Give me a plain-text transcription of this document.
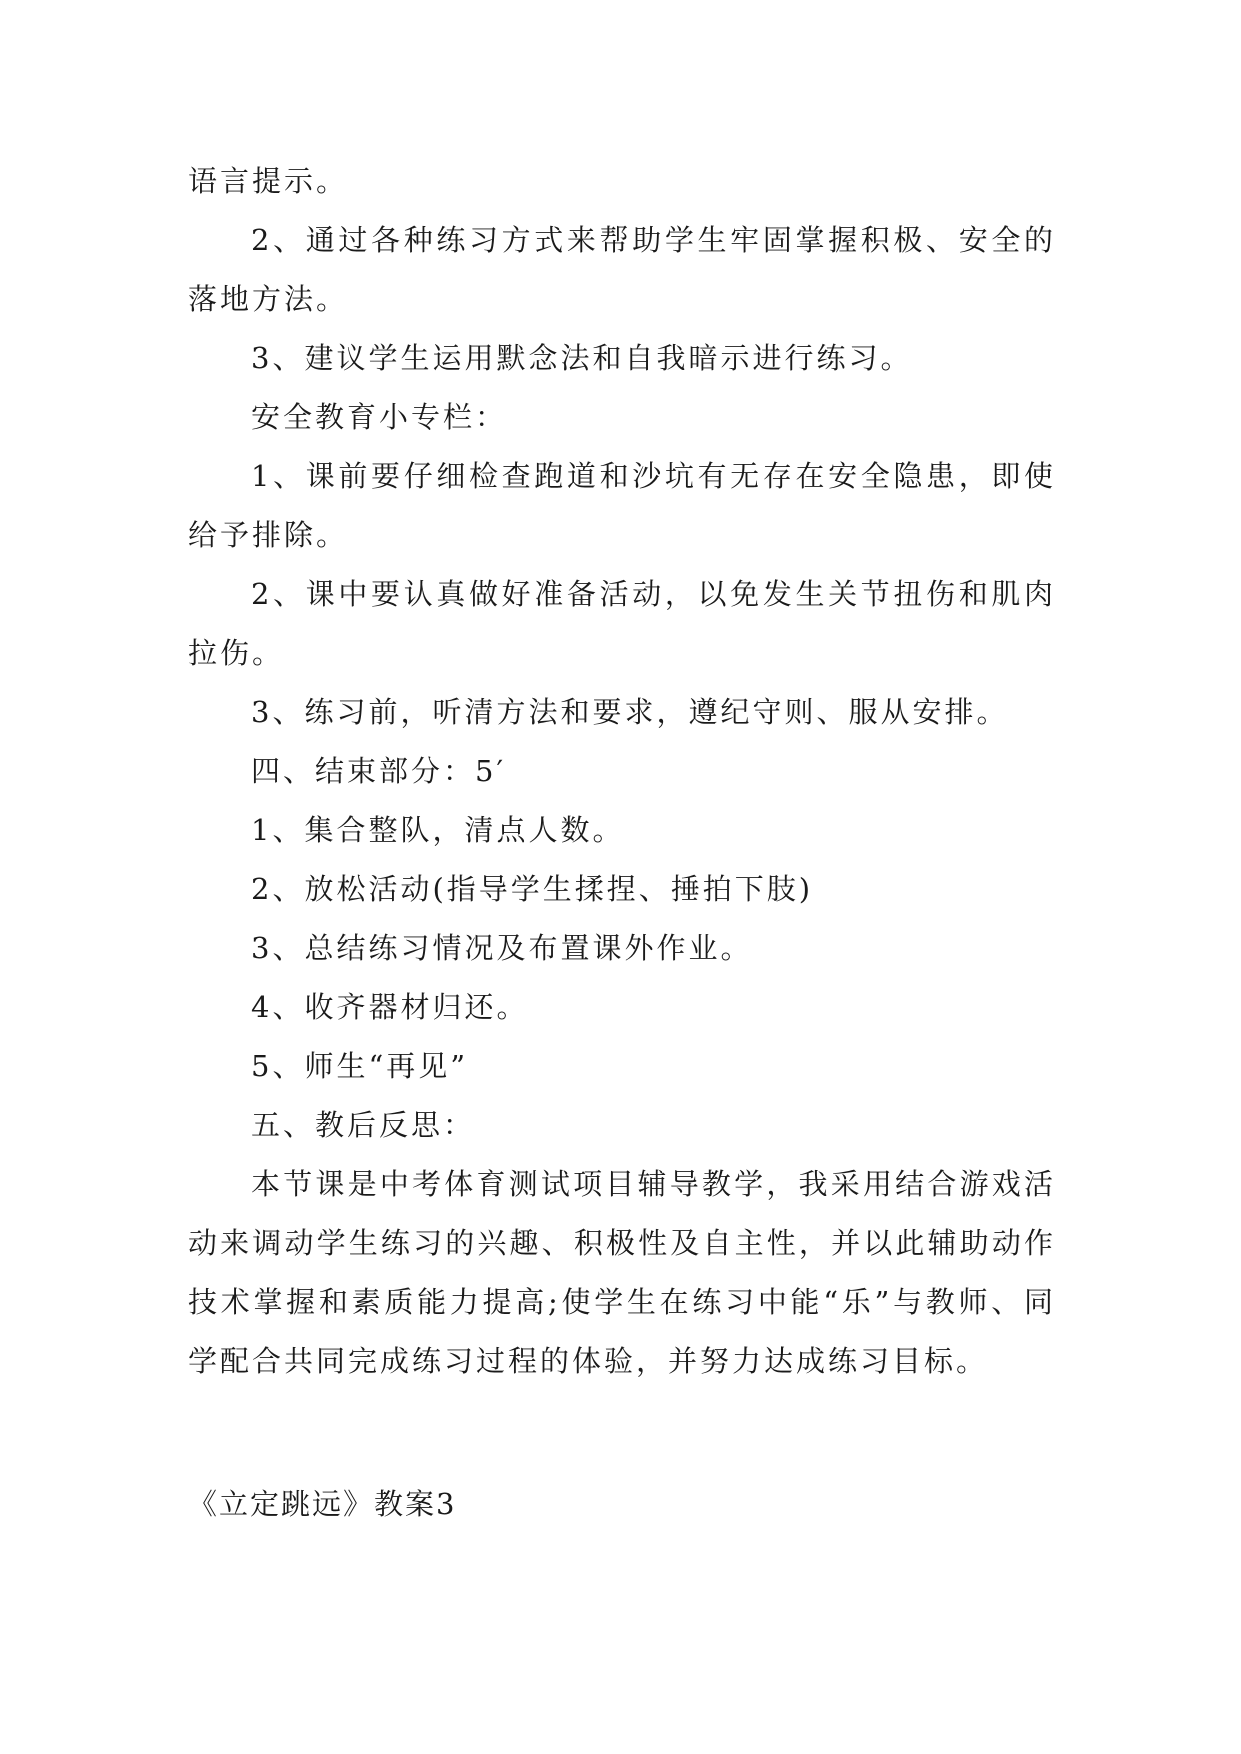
语言提示。

2、通过各种练习方式来帮助学生牢固掌握积极、安全的落地方法。

3、建议学生运用默念法和自我暗示进行练习。

安全教育小专栏：

1、课前要仔细检查跑道和沙坑有无存在安全隐患，即使给予排除。

2、课中要认真做好准备活动，以免发生关节扭伤和肌肉拉伤。

3、练习前，听清方法和要求，遵纪守则、服从安排。

四、结束部分：5′

1、集合整队，清点人数。

2、放松活动(指导学生揉捏、捶拍下肢)

3、总结练习情况及布置课外作业。

4、收齐器材归还。

5、师生“再见”

五、教后反思：

本节课是中考体育测试项目辅导教学，我采用结合游戏活动来调动学生练习的兴趣、积极性及自主性，并以此辅助动作技术掌握和素质能力提高;使学生在练习中能“乐”与教师、同学配合共同完成练习过程的体验，并努力达成练习目标。

《立定跳远》教案3
